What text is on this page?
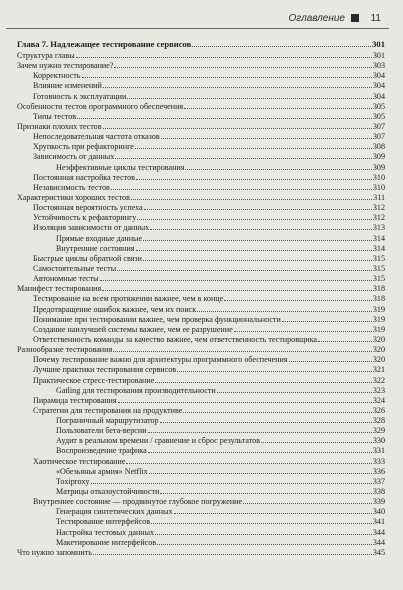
Оглавление	11
Глава 7. Надлежащее тестирование сервисов	301
Структура главы	301
Зачем нужно тестирование?	303
Корректность	304
Влияние изменений	304
Готовность к эксплуатации	304
Особенности тестов программного обеспечения	305
Типы тестов	305
Признаки плохих тестов	307
Непоследовательная частота отказов	307
Хрупкость при рефакторинге	308
Зависимость от данных	309
Неэффективные циклы тестирования	309
Постоянная настройка тестов	310
Независимость тестов	310
Характеристики хороших тестов	311
Постоянная вероятность успеха	312
Устойчивость к рефакторингу	312
Изоляция зависимости от данных	313
Прямые входные данные	314
Внутренние состояния	314
Быстрые циклы обратной связи	315
Самостоятельные тесты	315
Автономные тесты	315
Манифест тестирования	318
Тестирование на всем протяжении важнее, чем в конце	318
Предотвращение ошибок важнее, чем их поиск	319
Понимание при тестировании важнее, чем проверка функциональности	319
Создание наилучшей системы важнее, чем ее разрушение	319
Ответственность команды за качество важнее, чем ответственность тестировщика	320
Разнообразие тестирования	320
Почему тестирование важно для архитектуры программного обеспечения	320
Лучшие практики тестирования сервисов	321
Практическое стресс-тестирование	322
Gatling для тестирования производительности	323
Пирамида тестирования	324
Стратегии для тестирования на продуктиве	326
Пограничный маршрутизатор	328
Пользователи бета-версии	329
Аудит в реальном времени / сравнение и сброс результатов	330
Воспроизведение трафика	331
Хаотическое тестирование	333
«Обезьянья армия» Netflix	336
Toxiproxy	337
Матрицы отказоустойчивости	338
Внутреннее состояние — продвинутое глубокое погружение	339
Генерация синтетических данных	340
Тестирование интерфейсов	341
Настройка тестовых данных	344
Макетирование интерфейсов	344
Что нужно запомнить	345
